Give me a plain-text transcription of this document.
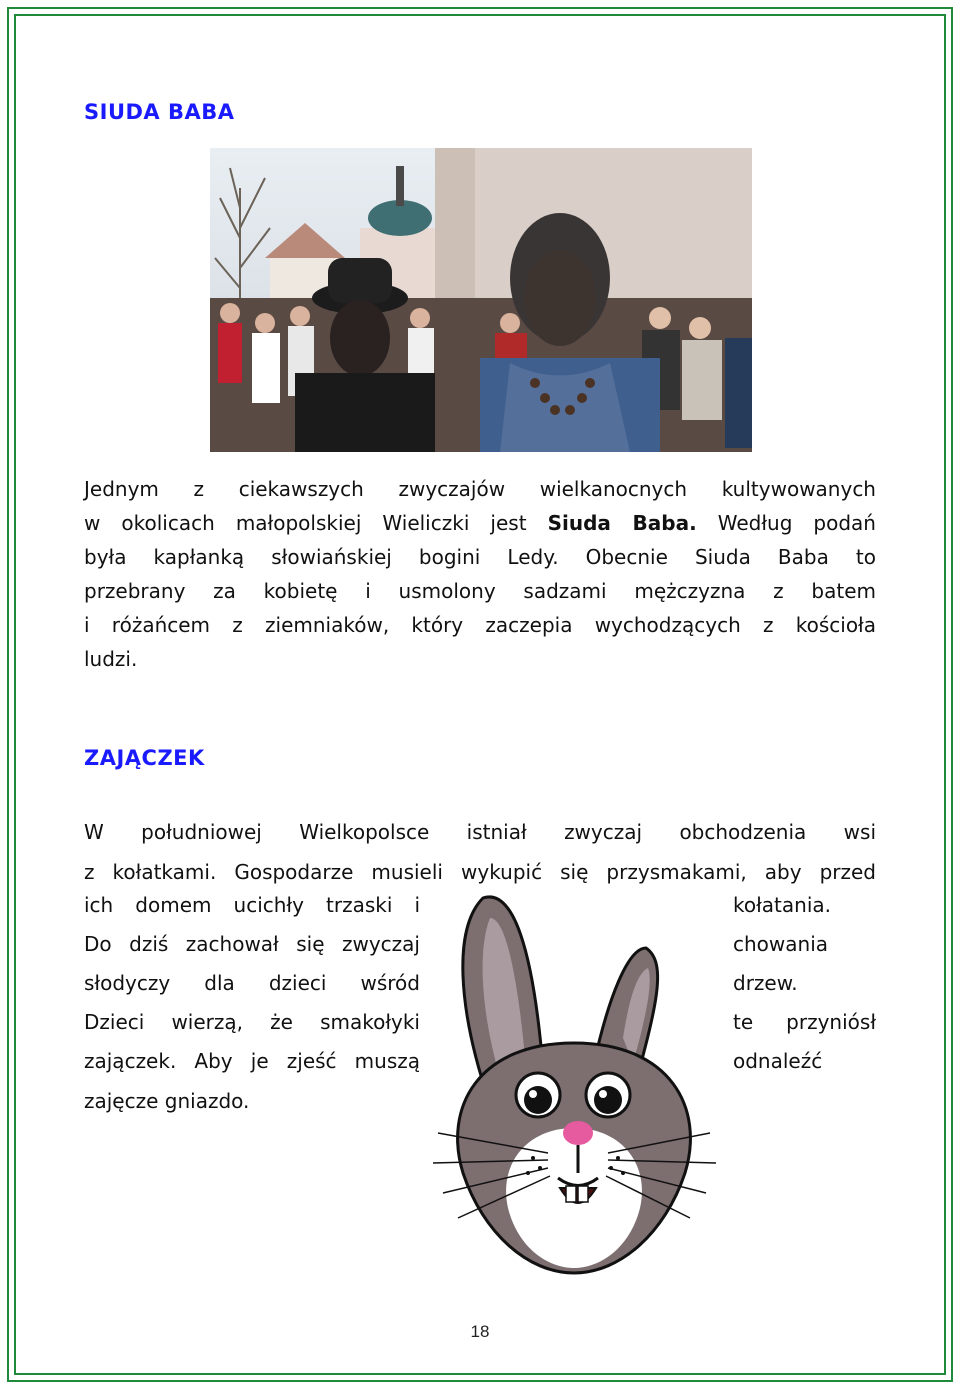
SIUDA BABA
Jednym z ciekawszych zwyczajów wielkanocnych kultywowanych
w okolicach małopolskiej Wieliczki jest Siuda Baba. Według podań
była kapłanką słowiańskiej bogini Ledy. Obecnie Siuda Baba to
przebrany za kobietę i usmolony sadzami mężczyzna z batem
i różańcem z ziemniaków, który zaczepia wychodzących z kościoła
ludzi.
ZAJĄCZEK
W południowej Wielkopolsce istniał zwyczaj obchodzenia wsi
z kołatkami. Gospodarze musieli wykupić się przysmakami, aby przed

ich domem ucichły trzaski i

Do dziś zachował się zwyczaj

słodyczy dla dzieci wśród

Dzieci wierzą, że smakołyki

zajączek. Aby je zjeść muszą

zajęcze gniazdo.

kołatania.

chowania

drzew.

te przyniósł

odnaleźć

18
